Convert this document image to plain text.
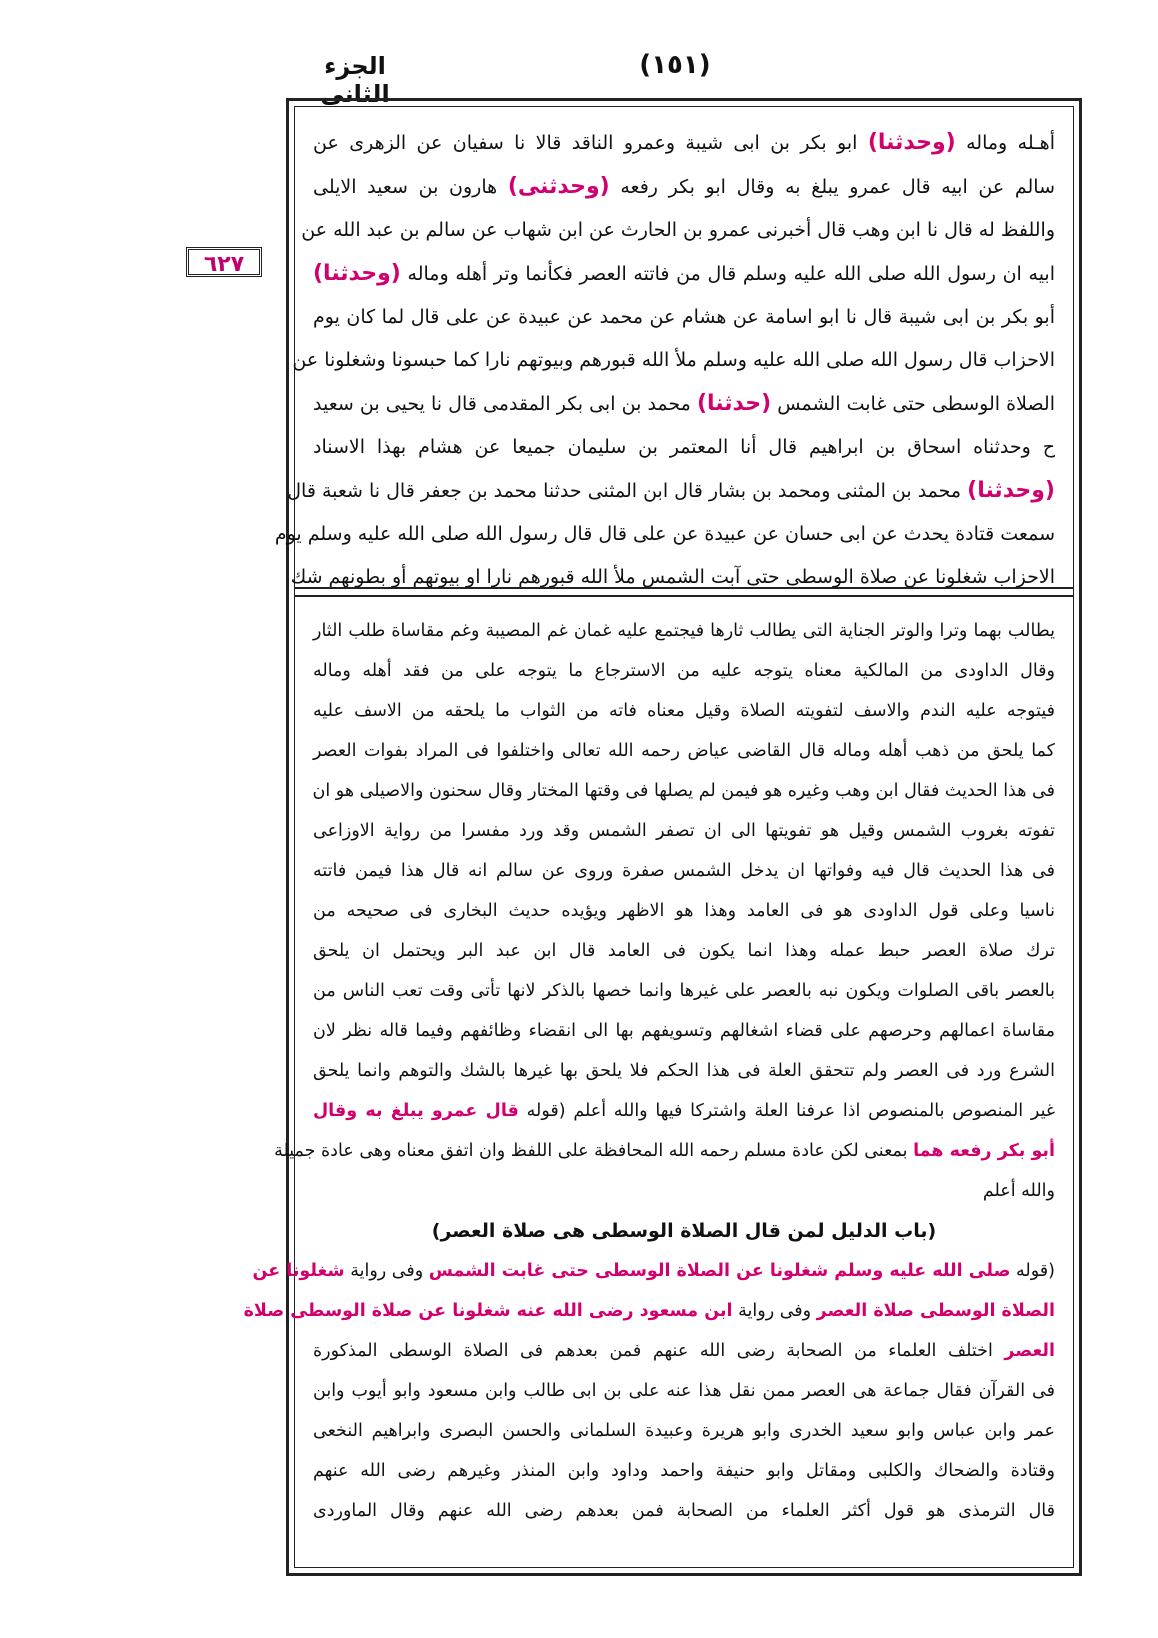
الجزء الثانى
(١٥١)
٦٢٧
أهـله وماله (وحدثنا) ابو بكر بن ابى شيبة وعمرو الناقد قالا نا سفيان عن الزهرى عن
سالم عن ابيه قال عمرو يبلغ به وقال ابو بكر رفعه (وحدثنى) هارون بن سعيد الايلى
واللفظ له قال نا ابن وهب قال أخبرنى عمرو بن الحارث عن ابن شهاب عن سالم بن عبد الله عن
ابيه ان رسول الله صلى الله عليه وسلم قال من فاتته العصر فكأنما وتر أهله وماله (وحدثنا)
أبو بكر بن ابى شيبة قال نا ابو اسامة عن هشام عن محمد عن عبيدة عن على قال لما كان يوم
الاحزاب قال رسول الله صلى الله عليه وسلم ملأ الله قبورهم وبيوتهم نارا كما حبسونا وشغلونا عن
الصلاة الوسطى حتى غابت الشمس (حدثنا) محمد بن ابى بكر المقدمى قال نا يحيى بن سعيد
ح وحدثناه اسحاق بن ابراهيم قال أنا المعتمر بن سليمان جميعا عن هشام بهذا الاسناد
(وحدثنا) محمد بن المثنى ومحمد بن بشار قال ابن المثنى حدثنا محمد بن جعفر قال نا شعبة قال
سمعت قتادة يحدث عن ابى حسان عن عبيدة عن على قال قال رسول الله صلى الله عليه وسلم يوم
الاحزاب شغلونا عن صلاة الوسطى حتى آبت الشمس ملأ الله قبورهم نارا او بيوتهم أو بطونهم شك
يطالب بهما وترا والوتر الجناية التى يطالب ثارها فيجتمع عليه غمان غم المصيبة وغم مقاساة طلب الثار
وقال الداودى من المالكية معناه يتوجه عليه من الاسترجاع ما يتوجه على من فقد أهله وماله
فيتوجه عليه الندم والاسف لتفويته الصلاة وقيل معناه فاته من الثواب ما يلحقه من الاسف عليه
كما يلحق من ذهب أهله وماله قال القاضى عياض رحمه الله تعالى واختلفوا فى المراد بفوات العصر
فى هذا الحديث فقال ابن وهب وغيره هو فيمن لم يصلها فى وقتها المختار وقال سحنون والاصيلى هو ان
تفوته بغروب الشمس وقيل هو تفويتها الى ان تصفر الشمس وقد ورد مفسرا من رواية الاوزاعى
فى هذا الحديث قال فيه وفواتها ان يدخل الشمس صفرة وروى عن سالم انه قال هذا فيمن فاتته
ناسيا وعلى قول الداودى هو فى العامد وهذا هو الاظهر ويؤيده حديث البخارى فى صحيحه من
ترك صلاة العصر حبط عمله وهذا انما يكون فى العامد قال ابن عبد البر ويحتمل ان يلحق
بالعصر باقى الصلوات ويكون نبه بالعصر على غيرها وانما خصها بالذكر لانها تأتى وقت تعب الناس من
مقاساة اعمالهم وحرصهم على قضاء اشغالهم وتسويفهم بها الى انقضاء وظائفهم وفيما قاله نظر لان
الشرع ورد فى العصر ولم تتحقق العلة فى هذا الحكم فلا يلحق بها غيرها بالشك والتوهم وانما يلحق
غير المنصوص بالمنصوص اذا عرفنا العلة واشتركا فيها والله أعلم (قوله قال عمرو يبلغ به وقال
أبو بكر رفعه هما بمعنى لكن عادة مسلم رحمه الله المحافظة على اللفظ وان اتفق معناه وهى عادة جميلة
والله أعلم
(باب الدليل لمن قال الصلاة الوسطى هى صلاة العصر)
(قوله صلى الله عليه وسلم شغلونا عن الصلاة الوسطى حتى غابت الشمس وفى رواية شغلونا عن
الصلاة الوسطى صلاة العصر وفى رواية ابن مسعود رضى الله عنه شغلونا عن صلاة الوسطى صلاة
العصر اختلف العلماء من الصحابة رضى الله عنهم فمن بعدهم فى الصلاة الوسطى المذكورة
فى القرآن فقال جماعة هى العصر ممن نقل هذا عنه على بن ابى طالب وابن مسعود وابو أيوب وابن
عمر وابن عباس وابو سعيد الخدرى وابو هريرة وعبيدة السلمانى والحسن البصرى وابراهيم النخعى
وقتادة والضحاك والكلبى ومقاتل وابو حنيفة واحمد وداود وابن المنذر وغيرهم رضى الله عنهم
قال الترمذى هو قول أكثر العلماء من الصحابة فمن بعدهم رضى الله عنهم وقال الماوردى
